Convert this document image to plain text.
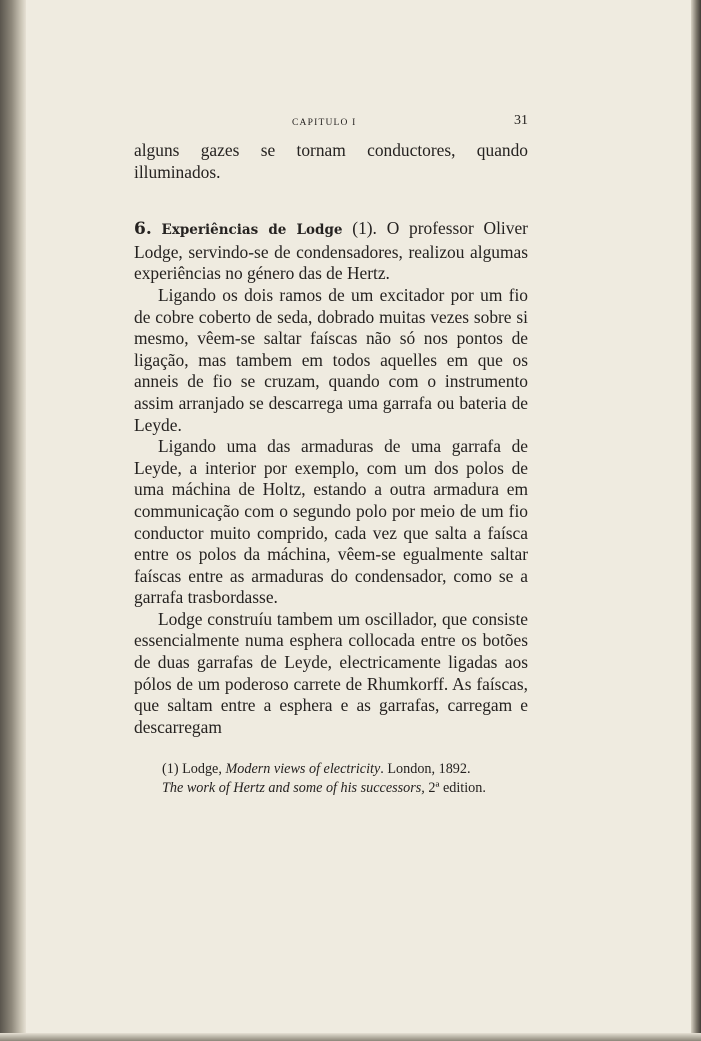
CAPITULO I	31

alguns gazes se tornam conductores, quando illuminados.

6. Experiências de Lodge (1). O professor Oliver Lodge, servindo-se de condensadores, realizou algumas experiências no género das de Hertz.

Ligando os dois ramos de um excitador por um fio de cobre coberto de seda, dobrado muitas vezes sobre si mesmo, vêem-se saltar faíscas não só nos pontos de ligação, mas tambem em todos aquelles em que os anneis de fio se cruzam, quando com o instrumento assim arranjado se descarrega uma garrafa ou bateria de Leyde.

Ligando uma das armaduras de uma garrafa de Leyde, a interior por exemplo, com um dos polos de uma máchina de Holtz, estando a outra armadura em communicação com o segundo polo por meio de um fio conductor muito comprido, cada vez que salta a faísca entre os polos da máchina, vêem-se egualmente saltar faíscas entre as armaduras do condensador, como se a garrafa trasbordasse.

Lodge construíu tambem um oscillador, que consiste essencialmente numa esphera collocada entre os botões de duas garrafas de Leyde, electricamente ligadas aos pólos de um poderoso carrete de Rhumkorff. As faíscas, que saltam entre a esphera e as garrafas, carregam e descarregam

(1) Lodge, Modern views of electricity. London, 1892.
The work of Hertz and some of his successors, 2ª edition.
